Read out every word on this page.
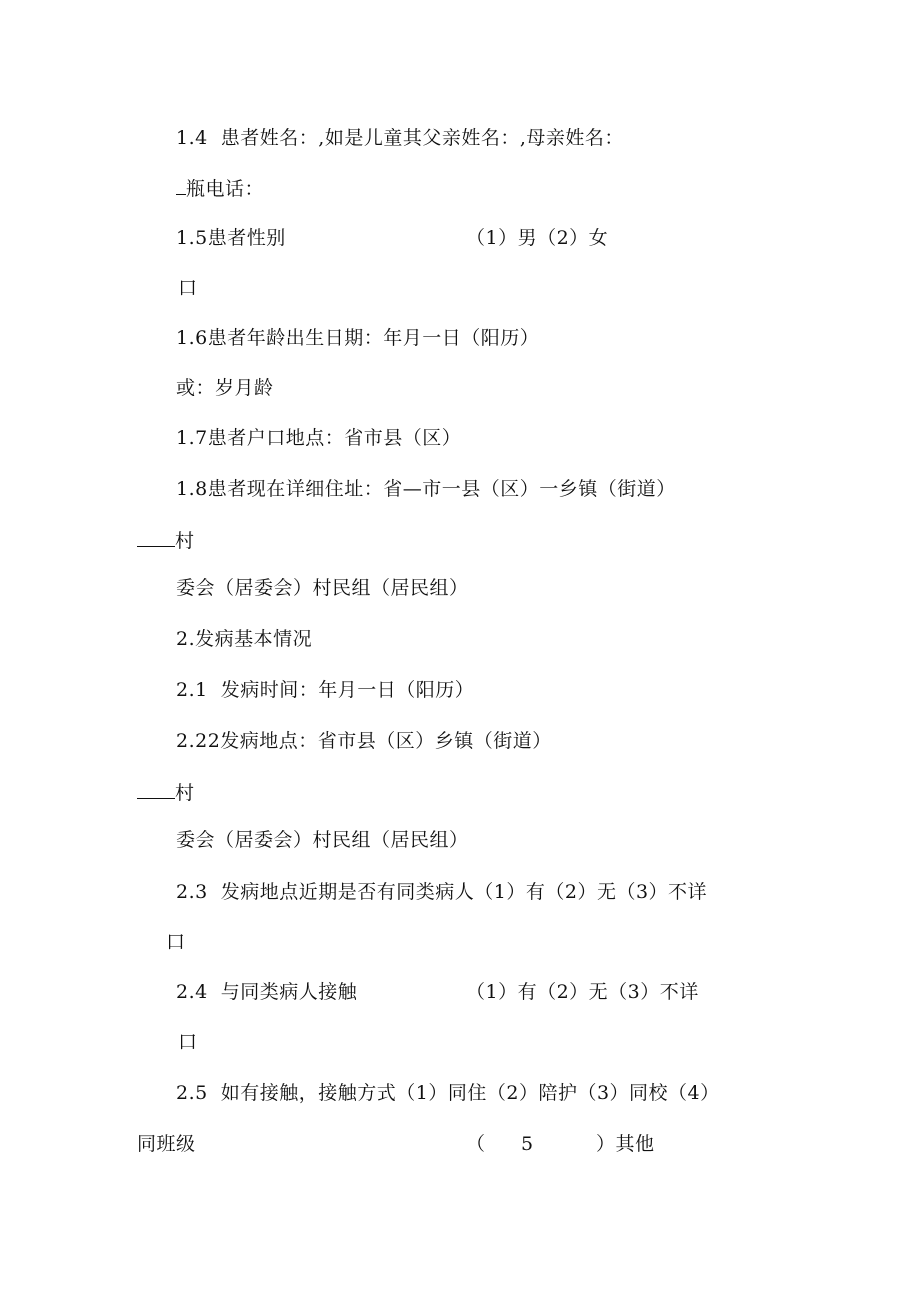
1.4  患者姓名：,如是儿童其父亲姓名：,母亲姓名：
瓶电话：
1.5患者性别	（1）男（2）女
口
1.6患者年龄出生日期：年月一日（阳历）
或：岁月龄
1.7患者户口地点：省市县（区）
1.8患者现在详细住址：省—市一县（区）一乡镇（街道）
村
委会（居委会）村民组（居民组）
2.发病基本情况
2.1  发病时间：年月一日（阳历）
2.22发病地点：省市县（区）乡镇（街道）
村
委会（居委会）村民组（居民组）
2.3  发病地点近期是否有同类病人（1）有（2）无（3）不详
口
2.4  与同类病人接触	（1）有（2）无（3）不详
口
2.5  如有接触，接触方式（1）同住（2）陪护（3）同校（4）
同班级	（ 5	）其他
